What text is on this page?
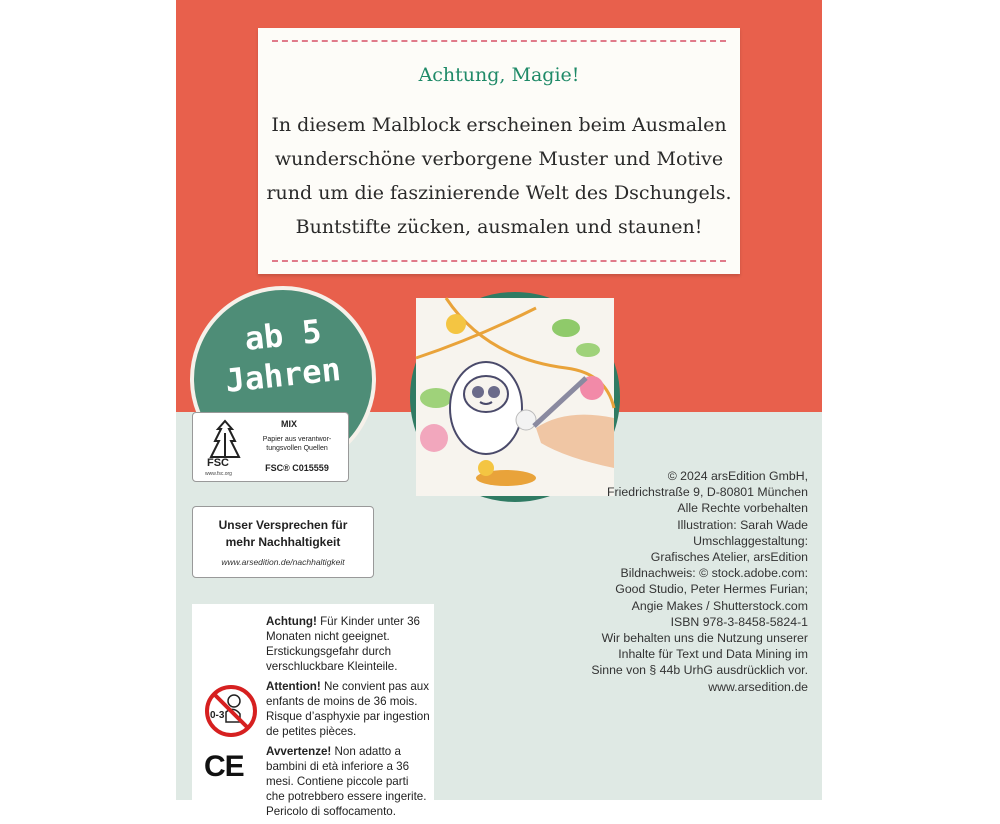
Achtung, Magie!
In diesem Malblock erscheinen beim Ausmalen
wunderschöne verborgene Muster und Motive
rund um die faszinierende Welt des Dschungels.
Buntstifte zücken, ausmalen und staunen!
ab 5
Jahren
FSC
www.fsc.org
MIX
Papier aus verantwor-
tungsvollen Quellen
FSC® C015559
Unser Versprechen für
mehr Nachhaltigkeit
www.arsedition.de/nachhaltigkeit
0-3
CE

Achtung! Für Kinder unter 36 Monaten nicht geeignet. Erstickungsgefahr durch verschluckbare Kleinteile.

Attention! Ne convient pas aux enfants de moins de 36 mois. Risque d’asphyxie par ingestion de petites pièces.

Avvertenze! Non adatto a bambini di età inferiore a 36 mesi. Contiene piccole parti che potrebbero essere ingerite. Pericolo di soffocamento.

© 2024 arsEdition GmbH,
Friedrichstraße 9, D-80801 München
Alle Rechte vorbehalten
Illustration: Sarah Wade
Umschlaggestaltung:
Grafisches Atelier, arsEdition
Bildnachweis: © stock.adobe.com:
Good Studio, Peter Hermes Furian;
Angie Makes / Shutterstock.com
ISBN 978-3-8458-5824-1
Wir behalten uns die Nutzung unserer
Inhalte für Text und Data Mining im
Sinne von § 44b UrhG ausdrücklich vor.
www.arsedition.de
